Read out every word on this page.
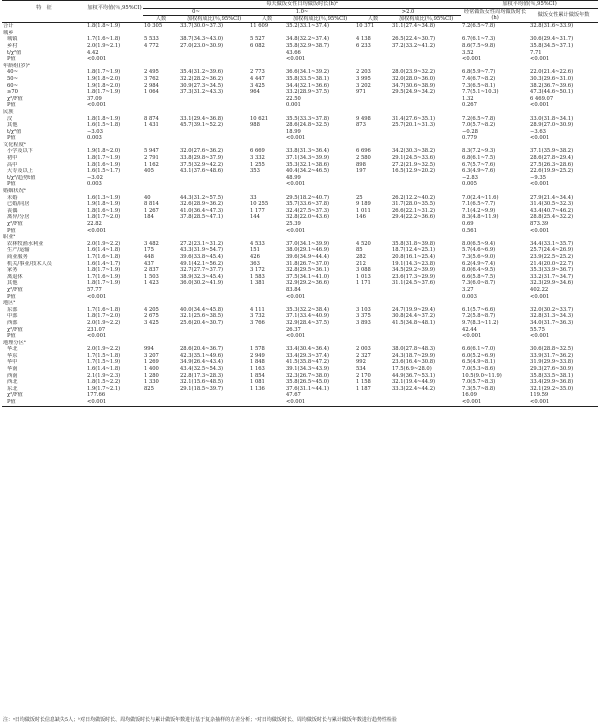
特　征	加权平均值(％,95%CI)	每天做饭女性日均做饭时长(h)ᵃ						加权平均值(％,95%CI)	
		0~		1.0~		>2.0		经常做饭女性周均做饭时长(h)	做饭女性累计做饭年数
		人数	加权构成比(％,95%CI)	人数	加权构成比(％,95%CI)	人数	加权构成比(％,95%CI)		
合计	1.8(1.8~1.9)	10 305	33.7(30.0~37.3)	11 609	35.2(33.1~37.4)	10 371	31.1(27.4~34.8)	7.2(6.5~7.8)	32.8(31.6~33.9)
城乡									
城镇	1.7(1.6~1.8)	5 533	38.7(34.3~43.0)	5 527	34.8(32.2~37.4)	4 138	26.5(22.4~30.7)	6.7(6.1~7.3)	30.6(29.4~31.7)
乡村	2.0(1.9~2.1)	4 772	27.0(23.0~30.9)	6 082	35.8(32.9~38.7)	6 233	37.2(33.2~41.2)	8.6(7.5~9.8)	35.8(34.5~37.1)
t/χ²值	4.42				43.66			3.52	7.71
P值	<0.001				<0.001			<0.001	<0.001
年龄组(岁)ᵃ									
40~	1.8(1.7~1.9)	2 495	35.4(31.2~39.6)	2 773	36.6(34.1~39.2)	2 203	28.0(23.9~32.2)	6.8(5.9~7.7)	22.0(21.4~22.6)
50~	1.9(1.8~2.0)	3 762	32.2(28.2~36.2)	4 447	35.8(33.5~38.1)	3 995	32.0(28.0~36.0)	7.4(6.7~8.2)	30.3(29.6~31.0)
60~	1.9(1.8~2.0)	2 984	30.9(27.3~34.5)	3 425	34.4(32.1~36.6)	3 202	34.7(30.6~38.9)	7.3(6.5~8.1)	38.2(36.7~39.6)
≥70	1.8(1.7~1.9)	1 064	37.3(31.2~43.3)	964	33.2(28.9~37.5)	971	29.5(24.9~34.2)	7.7(5.1~10.3)	47.3(44.6~50.1)
χ²/F值	37.09				22.50			1.32	6 469.07
P值	<0.001				0.001			0.267	<0.001
民族									
汉	1.8(1.8~1.9)	8 874	33.1(29.4~36.8)	10 621	35.5(33.3~37.8)	9 498	31.4(27.6~35.1)	7.2(6.5~7.8)	33.0(31.8~34.1)
其他	1.6(1.5~1.8)	1 431	45.7(39.1~52.2)	988	28.6(24.8~32.5)	873	25.7(20.1~31.3)	7.0(5.7~8.2)	28.9(27.0~30.9)
t/χ²值	−3.03				18.99			−0.28	−3.63
P值	0.003				<0.001			0.779	<0.001
文化程度ᵃ									
小学及以下	1.9(1.8~2.0)	5 947	32.0(27.6~36.2)	6 669	33.8(31.3~36.4)	6 696	34.2(30.3~38.2)	8.3(7.2~9.3)	37.1(35.9~38.2)
初中	1.8(1.7~1.9)	2 791	33.8(29.8~37.9)	3 332	37.1(34.3~39.9)	2 580	29.1(24.5~33.6)	6.8(6.1~7.5)	28.6(27.8~29.4)
高中	1.8(1.6~1.9)	1 162	37.5(32.9~42.2)	1 255	35.3(32.1~38.6)	898	27.2(21.9~32.5)	6.7(5.7~7.6)	27.5(26.3~28.6)
大专及以上	1.6(1.5~1.7)	405	43.1(37.6~48.6)	353	40.4(34.2~46.5)	197	16.5(12.9~20.2)	6.3(4.9~7.6)	22.6(19.9~25.2)
t/χ²/趋势t值	−3.02				48.99			−2.83	−9.35
P值	0.003				<0.001			0.005	<0.001
婚姻状况ᵃ									
未婚	1.6(1.3~1.9)	40	44.3(31.2~57.5)	33	29.5(18.2~40.7)	25	26.2(12.2~40.2)	7.0(2.4~11.6)	27.9(21.4~34.4)
已婚/同居	1.9(1.8~1.9)	8 814	32.6(28.9~36.2)	10 255	35.7(33.6~37.8)	9 189	31.7(28.0~35.5)	7.1(6.5~7.7)	31.4(30.5~32.3)
丧偶	1.8(1.6~1.9)	1 267	41.0(36.4~47.3)	1 177	32.4(27.5~37.3)	1 011	26.6(22.1~31.2)	7.1(4.2~9.9)	43.4(40.7~46.2)
离异/分居	1.8(1.7~2.0)	184	37.8(28.5~47.1)	144	32.8(22.0~43.6)	146	29.4(22.2~36.6)	8.3(4.8~11.9)	28.8(25.4~32.2)
χ²/F值	22.82				25.39			0.69	873.39
P值	<0.001				<0.001			0.561	<0.001
职业ᵃ									
农林牧渔水利业	2.0(1.9~2.2)	3 482	27.2(23.1~31.2)	4 533	37.0(34.1~39.9)	4 520	35.8(31.8~39.8)	8.0(6.5~9.4)	34.4(33.1~35.7)
生产/运输	1.6(1.4~1.8)	175	43.3(31.9~54.7)	151	38.0(29.1~46.9)	85	18.7(12.4~25.1)	5.7(4.6~6.9)	25.7(24.4~26.9)
商业服务	1.7(1.6~1.8)	448	39.6(33.8~45.4)	426	39.6(34.9~44.4)	282	20.8(16.1~25.4)	7.3(5.6~9.0)	23.9(22.5~25.2)
机关/事业/技术人员	1.6(1.4~1.7)	437	49.1(42.1~56.2)	363	31.8(26.7~37.0)	212	19.1(14.3~23.8)	6.2(4.9~7.4)	21.4(20.0~22.7)
家务	1.8(1.7~1.9)	2 837	32.7(27.7~37.7)	3 172	32.8(29.5~36.1)	3 088	34.5(29.2~39.9)	8.0(6.4~9.5)	35.3(33.9~36.7)
离退休	1.7(1.6~1.9)	1 503	38.9(32.3~45.4)	1 583	37.5(34.1~41.0)	1 013	23.6(17.3~29.9)	6.6(5.8~7.5)	33.2(31.7~34.7)
其他	1.8(1.7~1.9)	1 423	36.0(30.2~41.9)	1 381	32.9(29.2~36.6)	1 171	31.1(24.5~37.6)	7.3(6.0~8.7)	32.3(29.9~34.6)
χ²/F值	57.77				83.84			3.27	402.22
P值	<0.001				<0.001			0.003	<0.001
地区ᵃ									
东部	1.7(1.6~1.8)	4 205	40.0(34.4~45.8)	4 111	35.3(32.2~38.4)	3 103	24.7(19.9~29.4)	6.1(5.7~6.6)	32.0(30.2~33.7)
中部	1.8(1.7~2.0)	2 675	32.1(25.6~38.5)	3 732	37.1(33.4~40.9)	3 375	30.8(24.4~37.2)	7.2(5.8~8.7)	32.8(31.3~34.3)
西部	2.0(1.9~2.2)	3 425	25.6(20.4~30.7)	3 766	32.9(28.4~37.5)	3 893	41.5(34.8~48.1)	9.7(8.3~11.2)	34.0(31.7~36.3)
χ²/F值	231.07				26.37			42.44	55.75
P值	<0.001				<0.001			<0.001	<0.001
地理分区ᵃ									
华北	2.0(1.9~2.2)	994	28.6(20.4~36.7)	1 578	33.4(30.4~36.4)	2 003	38.0(27.8~48.3)	6.6(6.1~7.0)	30.6(28.8~32.5)
华东	1.7(1.5~1.8)	3 207	42.3(35.1~49.6)	2 949	33.4(29.3~37.4)	2 327	24.3(18.7~29.9)	6.0(5.2~6.9)	33.9(31.7~36.2)
华中	1.7(1.5~1.9)	1 269	34.9(26.4~43.4)	1 848	41.5(35.8~47.2)	992	23.6(16.4~30.8)	6.5(4.9~8.1)	31.9(29.9~33.8)
华南	1.6(1.4~1.8)	1 400	43.4(32.5~54.3)	1 163	39.1(34.3~43.9)	534	17.5(6.9~28.0)	7.0(5.3~8.6)	29.3(27.6~30.9)
西南	2.1(1.9~2.3)	1 280	22.8(17.3~28.3)	1 854	32.3(26.7~38.0)	2 170	44.9(36.7~53.1)	10.5(9.0~11.9)	35.8(33.5~38.1)
西北	1.8(1.5~2.2)	1 330	32.1(15.6~48.5)	1 081	35.8(26.5~45.0)	1 158	32.1(19.4~44.9)	7.0(5.7~8.3)	33.4(29.9~36.8)
东北	1.9(1.7~2.1)	825	29.1(18.5~39.7)	1 136	37.6(31.1~44.1)	1 187	33.3(22.4~44.2)	7.3(5.7~8.8)	32.1(29.2~35.0)
χ²/F值	177.66				47.67			16.09	119.59
P值	<0.001				<0.001			<0.001	<0.001
注：ᵃ日均做饭时长信息缺失5人；ᵇ对日均做饭时长、周均做饭时长与累计做饭年数进行基于复杂抽样的方差分析；ᶜ对日均做饭时长、周均做饭时长与累计做饭年数进行趋势性检验
